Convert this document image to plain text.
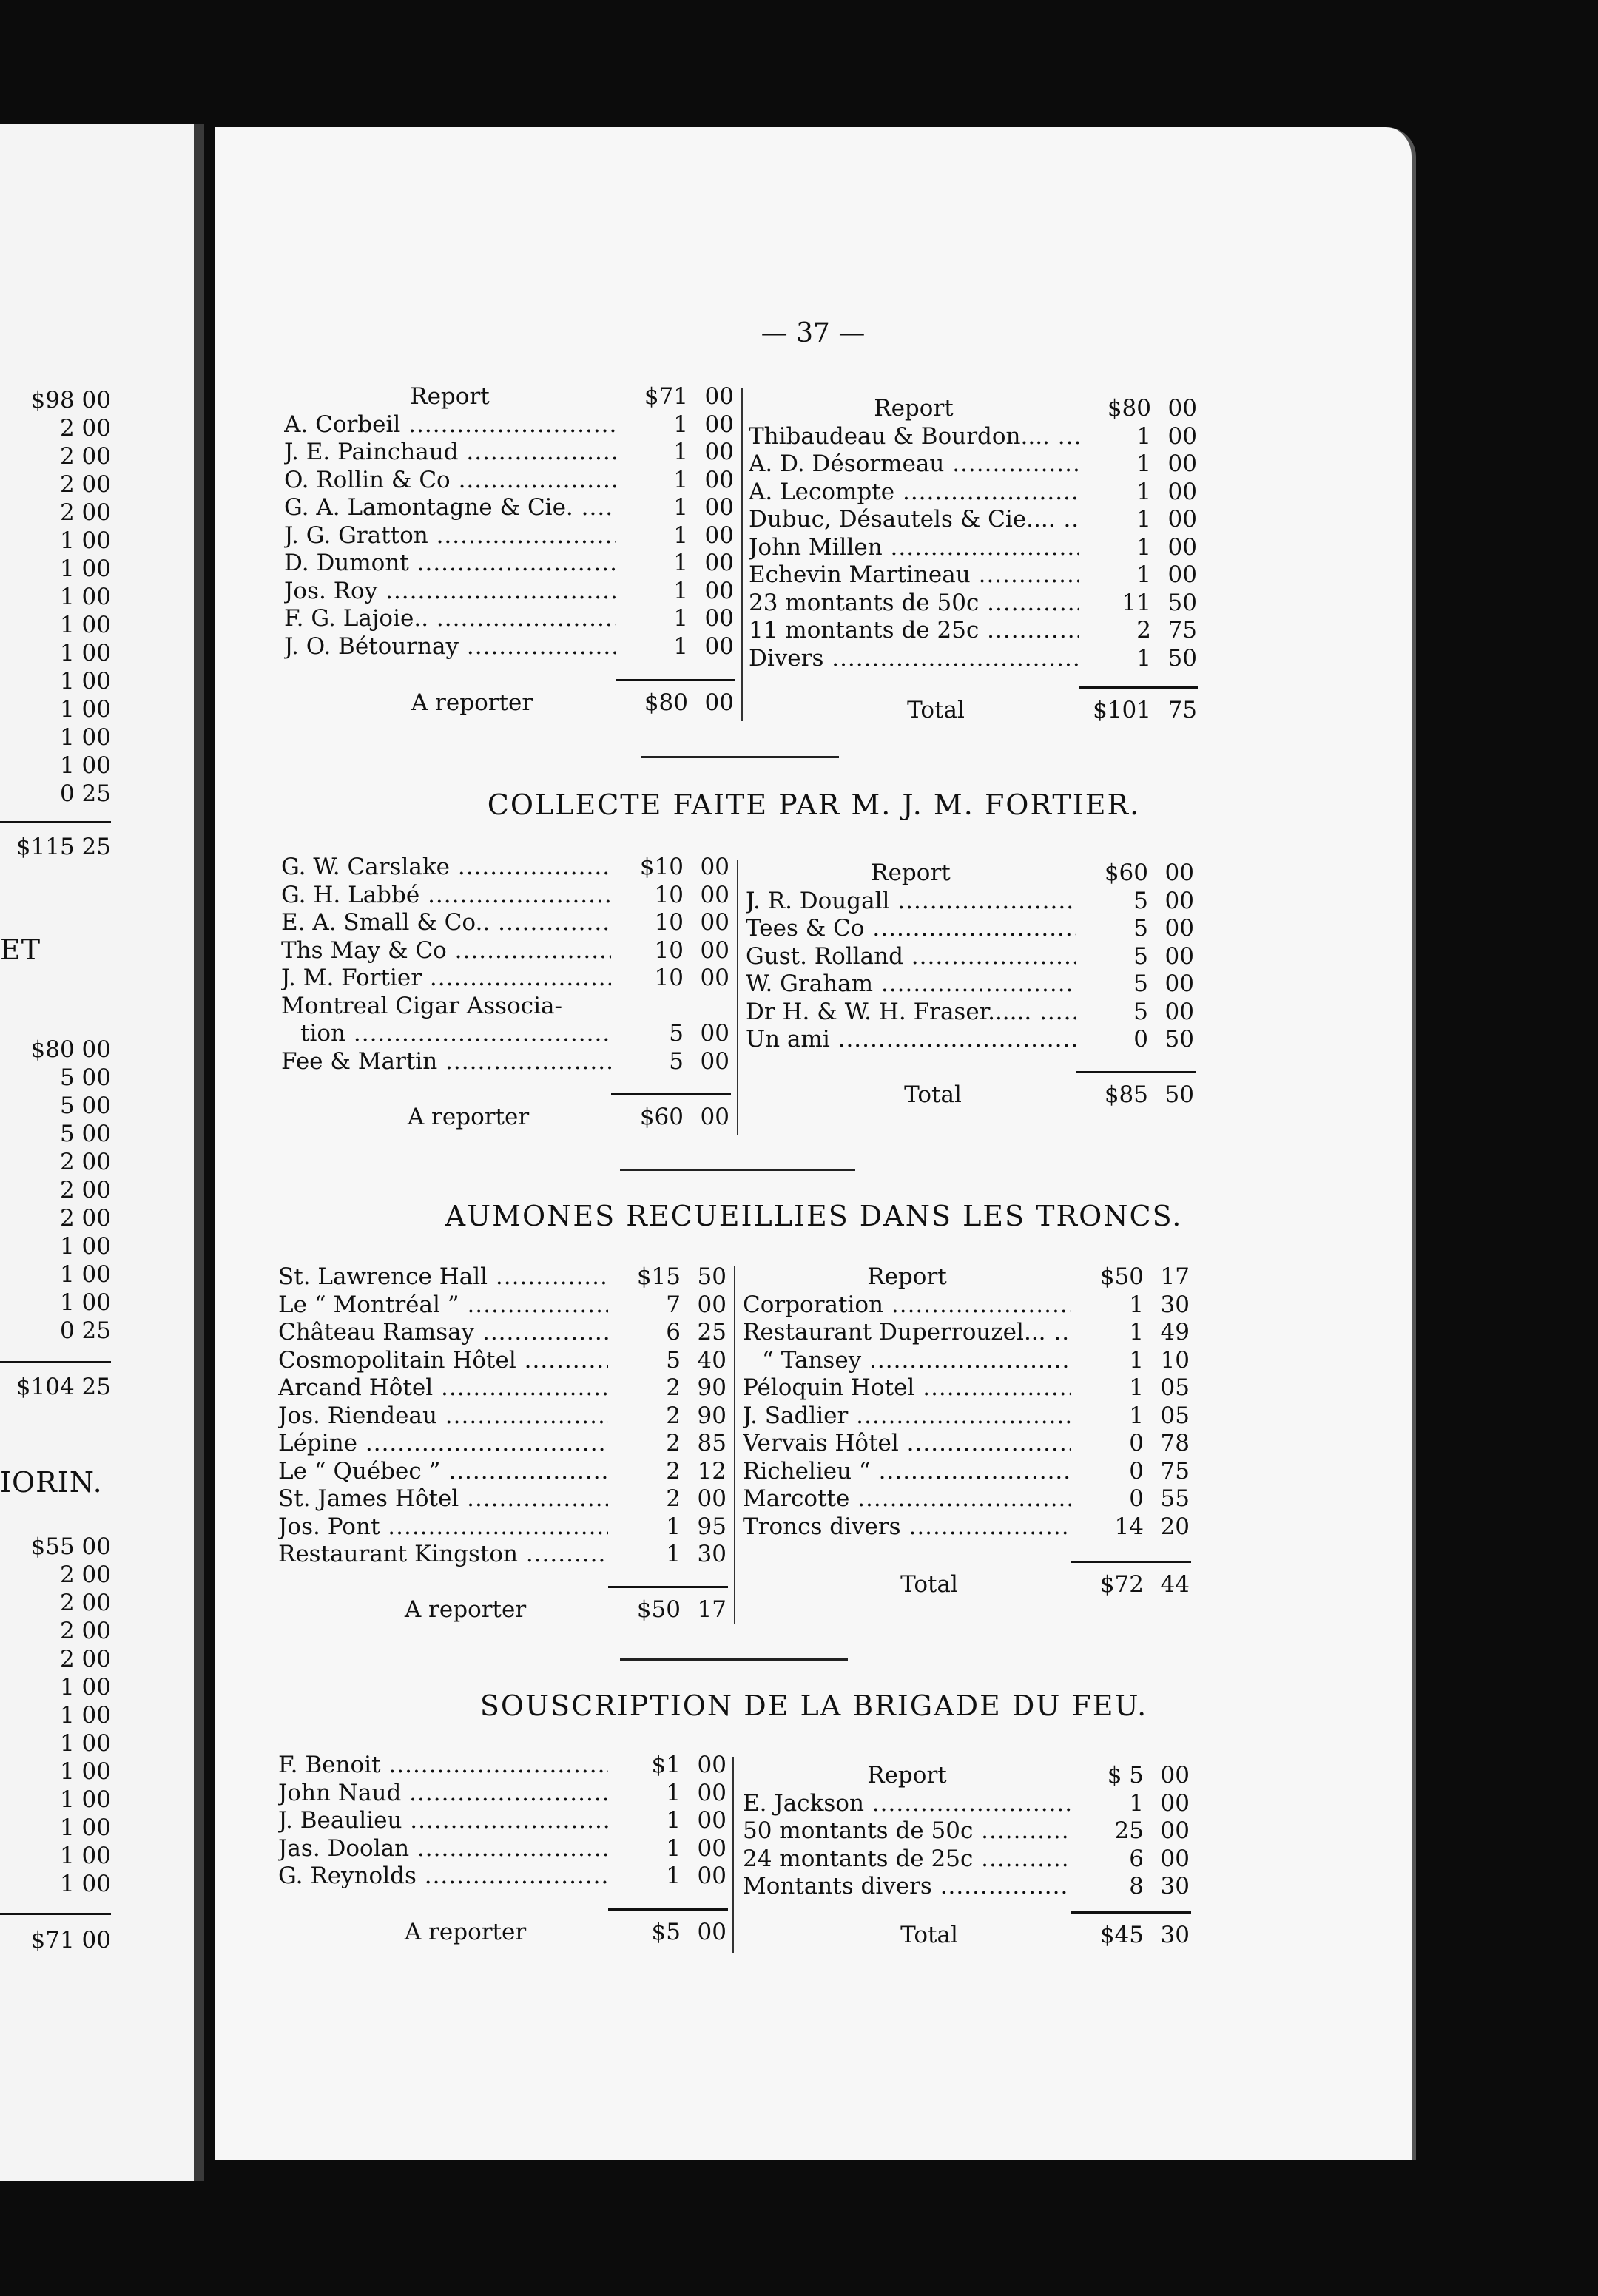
$98 00
2 00
2 00
2 00
2 00
1 00
1 00
1 00
1 00
1 00
1 00
1 00
1 00
1 00
0 25
$115 25
$80 00
5 00
5 00
5 00
2 00
2 00
2 00
1 00
1 00
1 00
0 25
$104 25
$55 00
2 00
2 00
2 00
2 00
1 00
1 00
1 00
1 00
1 00
1 00
1 00
1 00
$71 00
ET
IORIN.
— 37 —
Report	$71 00
A. Corbeil .....	1 00
J. E. Painchaud .....	1 00
O. Rollin & Co .....	1 00
G. A. Lamontagne & Cie. .....	1 00
J. G. Gratton .....	1 00
D. Dumont .....	1 00
Jos. Roy .....	1 00
F. G. Lajoie.. .....	1 00
J. O. Bétournay .....	1 00
A reporter	$80 00
Report	$80 00
Thibaudeau & Bourdon.... .....	1 00
A. D. Désormeau .....	1 00
A. Lecompte .....	1 00
Dubuc, Désautels & Cie.... .....	1 00
John Millen .....	1 00
Echevin Martineau .....	1 00
23 montants de 50c .....	11 50
11 montants de 25c .....	2 75
Divers .....	1 50
Total	$101 75
COLLECTE FAITE PAR M. J. M. FORTIER.
G. W. Carslake .....	$10 00
G. H. Labbé .....	10 00
E. A. Small & Co.. .....	10 00
Ths May & Co .....	10 00
J. M. Fortier .....	10 00
Montreal Cigar Associa-
tion .....	5 00
Fee & Martin .....	5 00
A reporter	$60 00
Report	$60 00
J. R. Dougall .....	5 00
Tees & Co .....	5 00
Gust. Rolland .....	5 00
W. Graham .....	5 00
Dr H. & W. H. Fraser...... .....	5 00
Un ami .....	0 50
Total	$85 50
AUMONES RECUEILLIES DANS LES TRONCS.
St. Lawrence Hall .....	$15 50
Le “ Montréal ” .....	7 00
Château Ramsay .....	6 25
Cosmopolitain Hôtel .....	5 40
Arcand Hôtel .....	2 90
Jos. Riendeau .....	2 90
Lépine .....	2 85
Le “ Québec ” .....	2 12
St. James Hôtel .....	2 00
Jos. Pont .....	1 95
Restaurant Kingston .....	1 30
A reporter	$50 17
Report	$50 17
Corporation .....	1 30
Restaurant Duperrouzel... .....	1 49
“ Tansey .....	1 10
Péloquin Hotel .....	1 05
J. Sadlier .....	1 05
Vervais Hôtel .....	0 78
Richelieu “ .....	0 75
Marcotte .....	0 55
Troncs divers .....	14 20
Total	$72 44
SOUSCRIPTION DE LA BRIGADE DU FEU.
F. Benoit .....	$1 00
John Naud .....	1 00
J. Beaulieu .....	1 00
Jas. Doolan .....	1 00
G. Reynolds .....	1 00
A reporter	$5 00
Report	$ 5 00
E. Jackson .....	1 00
50 montants de 50c .....	25 00
24 montants de 25c .....	6 00
Montants divers .....	8 30
Total	$45 30
